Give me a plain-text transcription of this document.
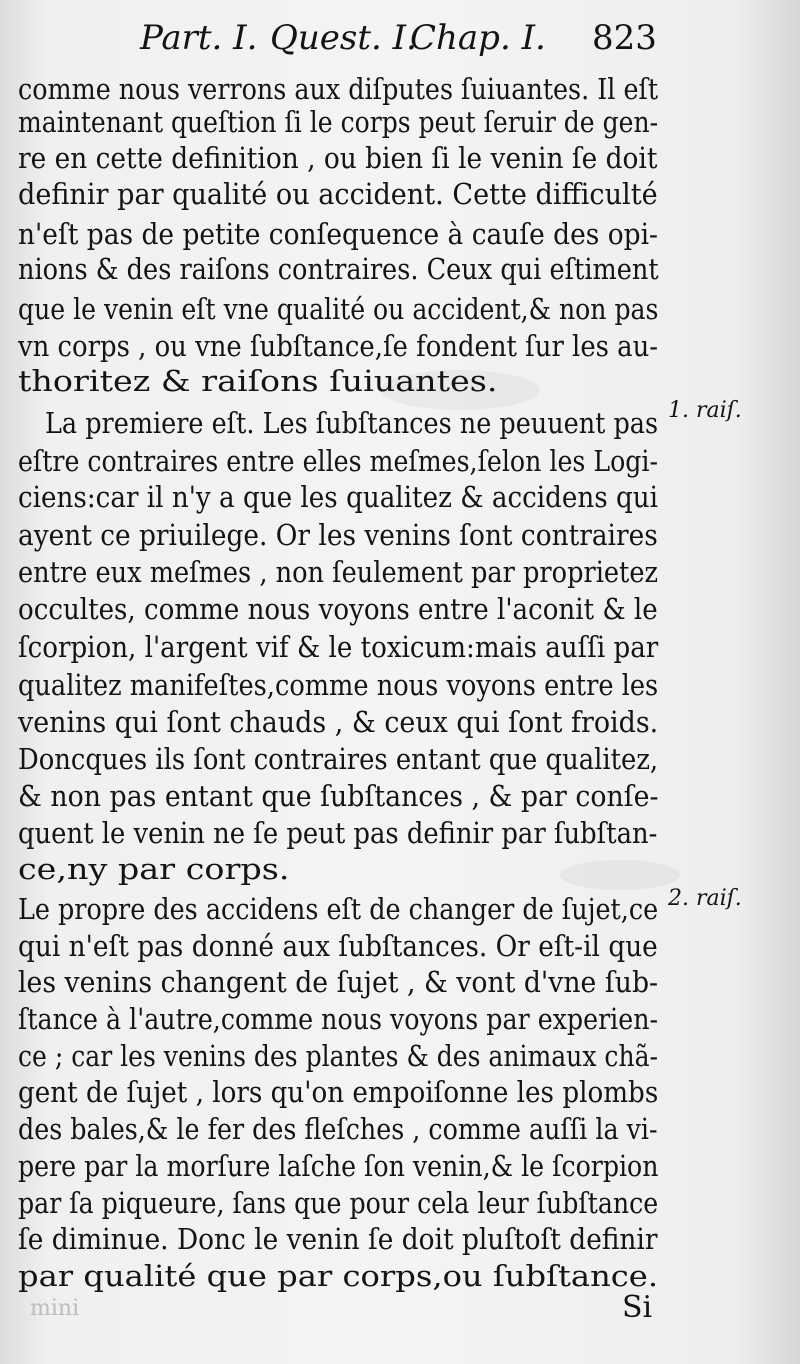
Part. I. Quest. I.
Chap. I. 823
comme nous verrons aux diſputes ſuiuantes. Il eſt
maintenant queſtion ſi le corps peut ſeruir de gen-
re en cette definition , ou bien ſi le venin ſe doit
definir par qualité ou accident. Cette difficulté
n'eſt pas de petite conſequence à cauſe des opi-
nions & des raiſons contraires. Ceux qui eſtiment
que le venin eſt vne qualité ou accident,& non pas
vn corps , ou vne ſubſtance,ſe fondent ſur les au-
thoritez & raiſons ſuiuantes.
La premiere eſt. Les ſubſtances ne peuuent pas
eſtre contraires entre elles meſmes,ſelon les Logi-
ciens:car il n'y a que les qualitez & accidens qui
ayent ce priuilege. Or les venins ſont contraires
entre eux meſmes , non ſeulement par proprietez
occultes, comme nous voyons entre l'aconit & le
ſcorpion, l'argent vif & le toxicum:mais auſſi par
qualitez manifeſtes,comme nous voyons entre les
venins qui ſont chauds , & ceux qui ſont froids.
Doncques ils ſont contraires entant que qualitez,
& non pas entant que ſubſtances , & par conſe-
quent le venin ne ſe peut pas definir par ſubſtan-
ce,ny par corps.
Le propre des accidens eſt de changer de ſujet,ce
qui n'eſt pas donné aux ſubſtances. Or eſt-il que
les venins changent de ſujet , & vont d'vne ſub-
ſtance à l'autre,comme nous voyons par experien-
ce ; car les venins des plantes & des animaux chã-
gent de ſujet , lors qu'on empoiſonne les plombs
des bales,& le fer des fleſches , comme auſſi la vi-
pere par la morſure laſche ſon venin,& le ſcorpion
par ſa piqueure, ſans que pour cela leur ſubſtance
ſe diminue. Donc le venin ſe doit pluſtoſt definir
par qualité que par corps,ou ſubſtance.
1. raiſ.
2. raiſ.
mini	Si
